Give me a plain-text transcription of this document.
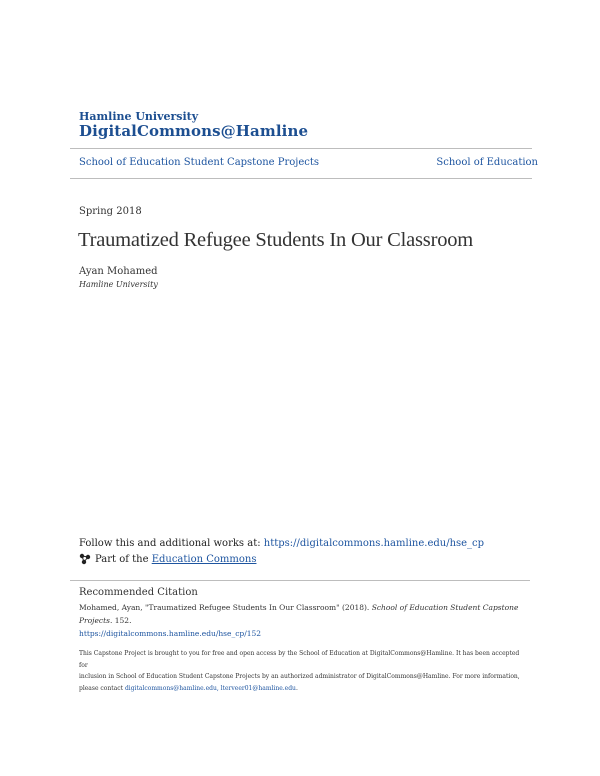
Hamline University
DigitalCommons@Hamline
School of Education Student Capstone Projects	School of Education
Spring 2018
Traumatized Refugee Students In Our Classroom
Ayan Mohamed
Hamline University
Follow this and additional works at: https://digitalcommons.hamline.edu/hse_cp
Part of the
Education Commons
Recommended Citation
Mohamed, Ayan, "Traumatized Refugee Students In Our Classroom" (2018). School of Education Student Capstone Projects. 152.
https://digitalcommons.hamline.edu/hse_cp/152
This Capstone Project is brought to you for free and open access by the School of Education at DigitalCommons@Hamline. It has been accepted for
inclusion in School of Education Student Capstone Projects by an authorized administrator of DigitalCommons@Hamline. For more information,
please contact digitalcommons@hamline.edu, lterveer01@hamline.edu.
